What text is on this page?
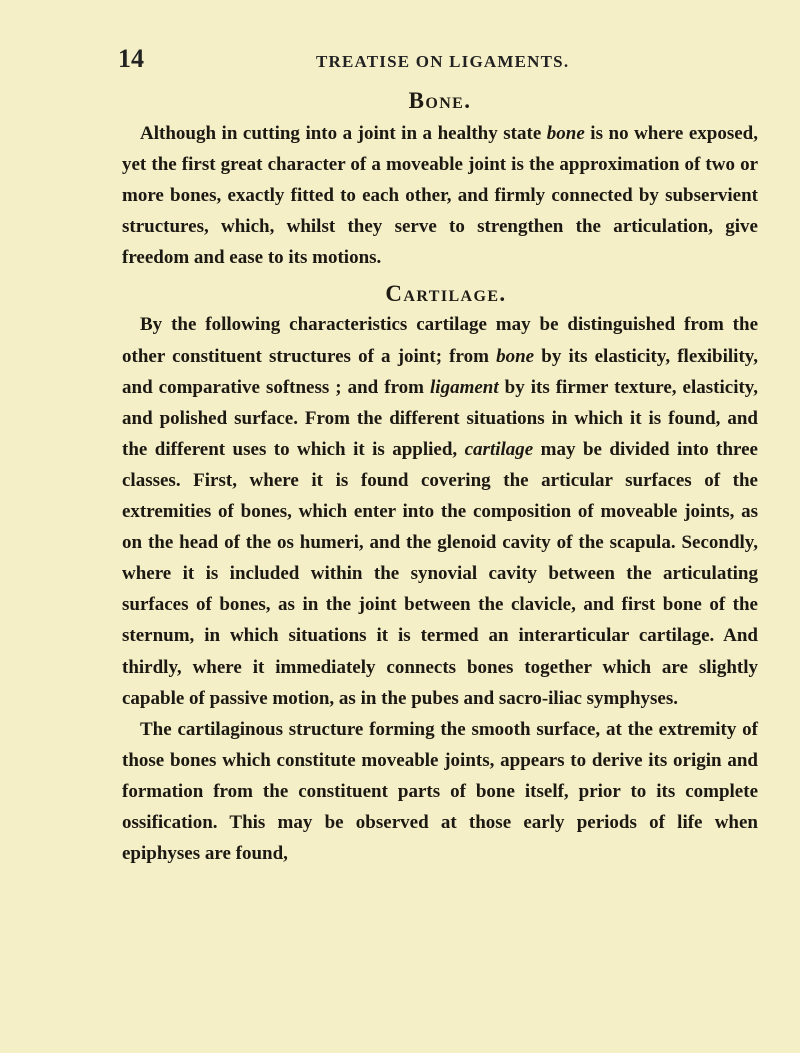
14	TREATISE ON LIGAMENTS.
Bone.

Although in cutting into a joint in a healthy state bone is no where exposed, yet the first great character of a moveable joint is the approximation of two or more bones, exactly fitted to each other, and firmly connected by subservient structures, which, whilst they serve to strengthen the articulation, give freedom and ease to its motions.

Cartilage.

By the following characteristics cartilage may be distinguished from the other constituent structures of a joint; from bone by its elasticity, flexibility, and comparative softness ; and from ligament by its firmer texture, elasticity, and polished surface. From the different situations in which it is found, and the different uses to which it is applied, cartilage may be divided into three classes. First, where it is found covering the articular surfaces of the extremities of bones, which enter into the composition of moveable joints, as on the head of the os humeri, and the glenoid cavity of the scapula. Secondly, where it is included within the synovial cavity between the articulating surfaces of bones, as in the joint between the clavicle, and first bone of the sternum, in which situations it is termed an interarticular cartilage. And thirdly, where it immediately connects bones together which are slightly capable of passive motion, as in the pubes and sacro-iliac symphyses.

The cartilaginous structure forming the smooth surface, at the extremity of those bones which constitute moveable joints, appears to derive its origin and formation from the constituent parts of bone itself, prior to its complete ossification. This may be observed at those early periods of life when epiphyses are found,
